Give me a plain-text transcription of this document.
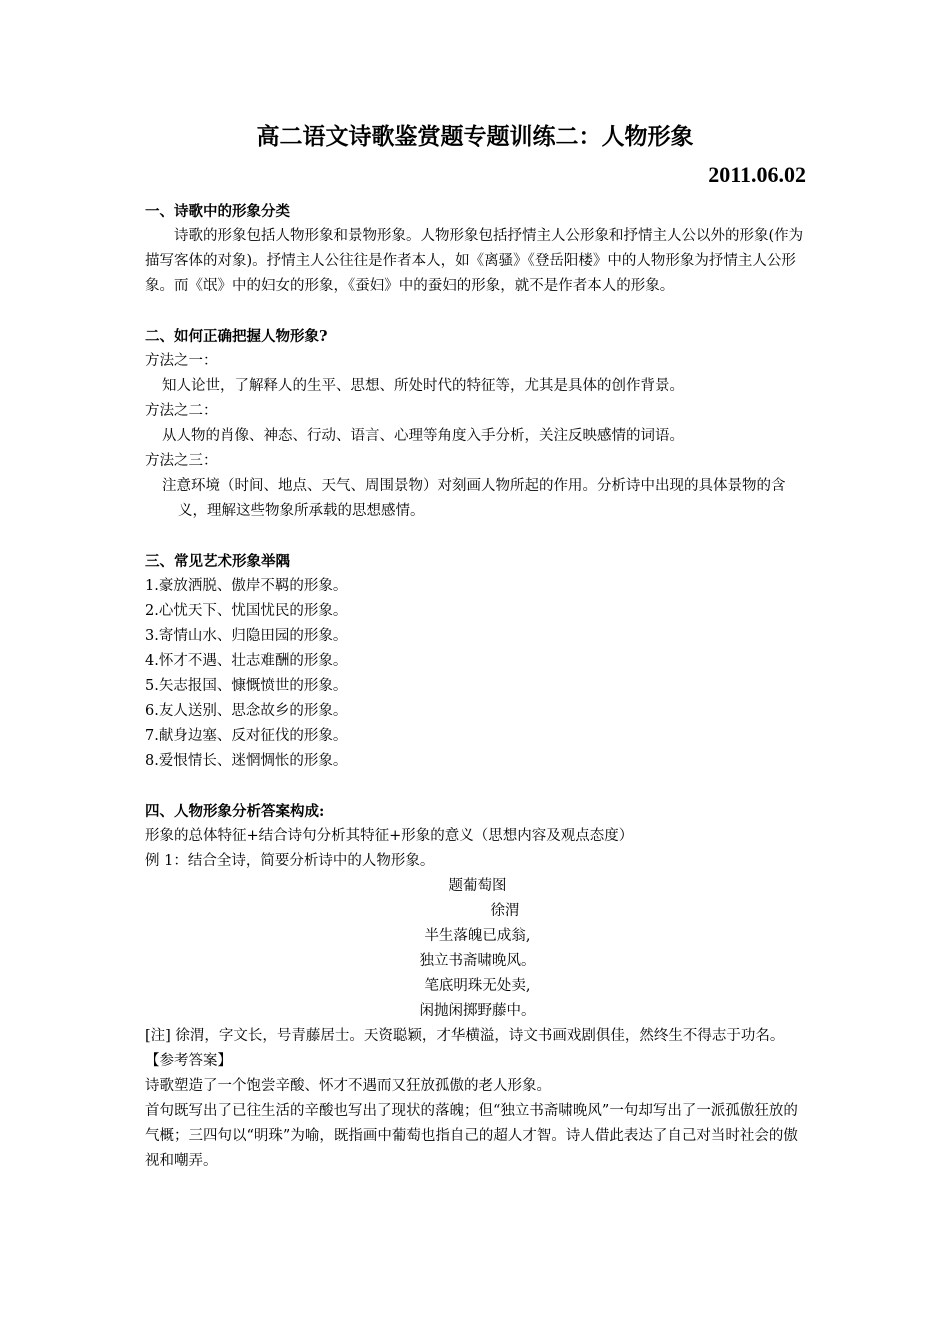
高二语文诗歌鉴赏题专题训练二：人物形象
2011.06.02

一、诗歌中的形象分类

诗歌的形象包括人物形象和景物形象。人物形象包括抒情主人公形象和抒情主人公以外的形象(作为描写客体的对象)。抒情主人公往往是作者本人，如《离骚》《登岳阳楼》中的人物形象为抒情主人公形象。而《氓》中的妇女的形象，《蚕妇》中的蚕妇的形象，就不是作者本人的形象。

二、如何正确把握人物形象?

方法之一：

知人论世，了解释人的生平、思想、所处时代的特征等，尤其是具体的创作背景。

方法之二：

从人物的肖像、神态、行动、语言、心理等角度入手分析，关注反映感情的词语。

方法之三：

注意环境（时间、地点、天气、周围景物）对刻画人物所起的作用。分析诗中出现的具体景物的含义，理解这些物象所承载的思想感情。

三、常见艺术形象举隅

1.豪放洒脱、傲岸不羁的形象。

2.心忧天下、忧国忧民的形象。

3.寄情山水、归隐田园的形象。

4.怀才不遇、壮志难酬的形象。

5.矢志报国、慷慨愤世的形象。

6.友人送别、思念故乡的形象。

7.献身边塞、反对征伐的形象。

8.爱恨情长、迷惘惆怅的形象。

四、人物形象分析答案构成:

形象的总体特征+结合诗句分析其特征+形象的意义（思想内容及观点态度）

例 1：结合全诗，简要分析诗中的人物形象。

题葡萄图

徐渭

半生落魄已成翁,

独立书斋啸晚风。

笔底明珠无处卖,

闲抛闲掷野藤中。

[注] 徐渭，字文长，号青藤居士。天资聪颖，才华横溢，诗文书画戏剧俱佳，然终生不得志于功名。

【参考答案】

诗歌塑造了一个饱尝辛酸、怀才不遇而又狂放孤傲的老人形象。

首句既写出了已往生活的辛酸也写出了现状的落魄；但“独立书斋啸晚风”一句却写出了一派孤傲狂放的气概；三四句以“明珠”为喻，既指画中葡萄也指自己的超人才智。诗人借此表达了自己对当时社会的傲视和嘲弄。
